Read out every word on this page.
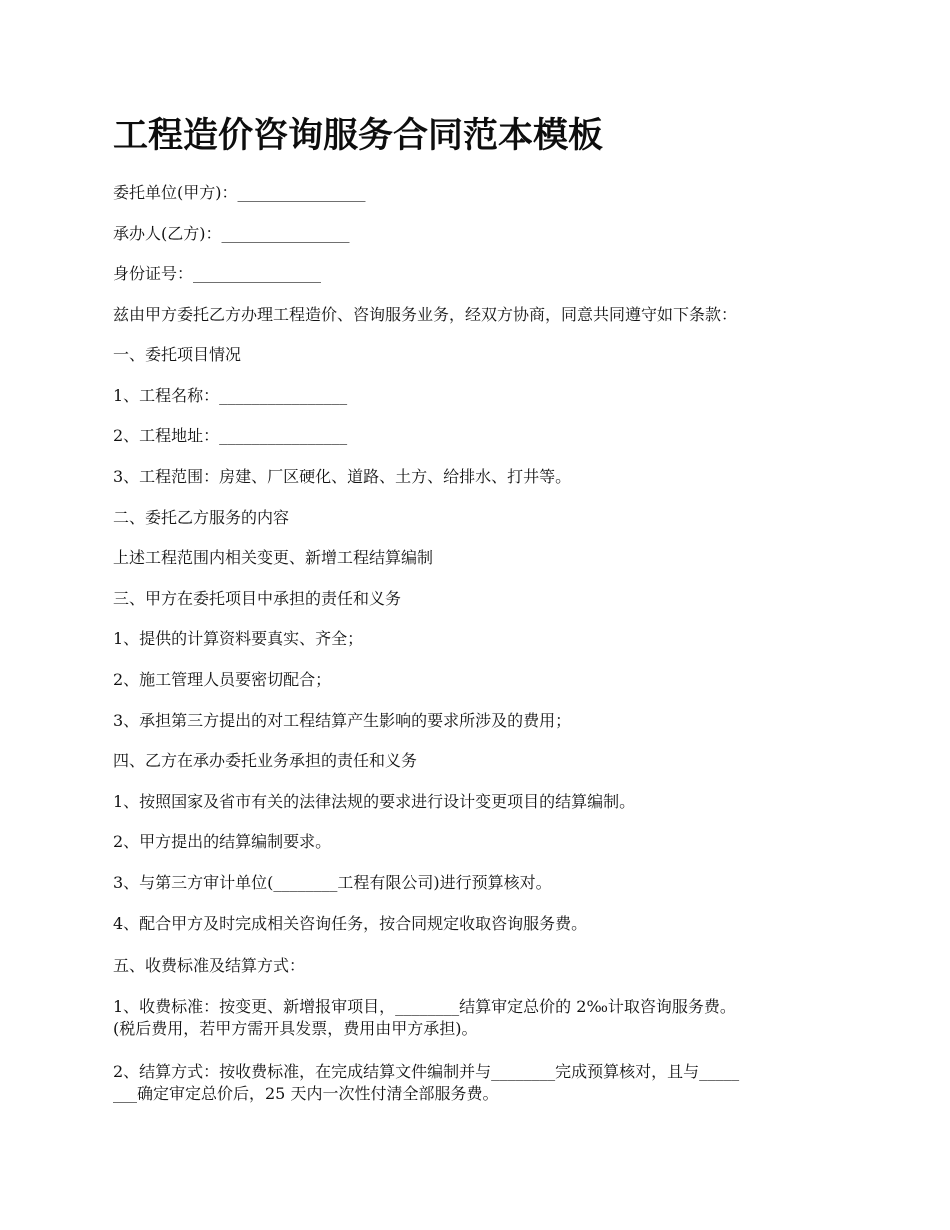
工程造价咨询服务合同范本模板

委托单位(甲方)：________________

承办人(乙方)：________________

身份证号：________________

兹由甲方委托乙方办理工程造价、咨询服务业务，经双方协商，同意共同遵守如下条款：

一、委托项目情况

1、工程名称：________________

2、工程地址：________________

3、工程范围：房建、厂区硬化、道路、土方、给排水、打井等。

二、委托乙方服务的内容

上述工程范围内相关变更、新增工程结算编制

三、甲方在委托项目中承担的责任和义务

1、提供的计算资料要真实、齐全；

2、施工管理人员要密切配合；

3、承担第三方提出的对工程结算产生影响的要求所涉及的费用；

四、乙方在承办委托业务承担的责任和义务

1、按照国家及省市有关的法律法规的要求进行设计变更项目的结算编制。

2、甲方提出的结算编制要求。

3、与第三方审计单位(________工程有限公司)进行预算核对。

4、配合甲方及时完成相关咨询任务，按合同规定收取咨询服务费。

五、收费标准及结算方式：

1、收费标准：按变更、新增报审项目，________结算审定总价的 2‰计取咨询服务费。
(税后费用，若甲方需开具发票，费用由甲方承担)。
2、结算方式：按收费标准，在完成结算文件编制并与________完成预算核对，且与_____
___确定审定总价后，25 天内一次性付清全部服务费。
